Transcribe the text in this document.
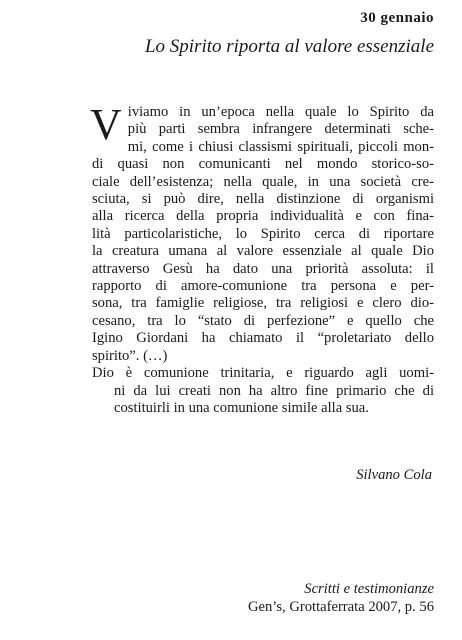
30 gennaio
Lo Spirito riporta al valore essenziale
V iviamo in un’epoca nella quale lo Spirito da
più parti sembra infrangere determinati sche-
mi, come i chiusi classismi spirituali, piccoli mon-
di quasi non comunicanti nel mondo storico-so-
ciale dell’esistenza; nella quale, in una società cre-
sciuta, si può dire, nella distinzione di organismi
alla ricerca della propria individualità e con fina-
lità particolaristiche, lo Spirito cerca di riportare
la creatura umana al valore essenziale al quale Dio
attraverso Gesù ha dato una priorità assoluta: il
rapporto di amore-comunione tra persona e per-
sona, tra famiglie religiose, tra religiosi e clero dio-
cesano, tra lo “stato di perfezione” e quello che
Igino Giordani ha chiamato il “proletariato dello
spirito”. (…)
Dio è comunione trinitaria, e riguardo agli uomi-
ni da lui creati non ha altro fine primario che di
costituirli in una comunione simile alla sua.
Silvano Cola
Scritti e testimonianze
Gen’s, Grottaferrata 2007, p. 56
